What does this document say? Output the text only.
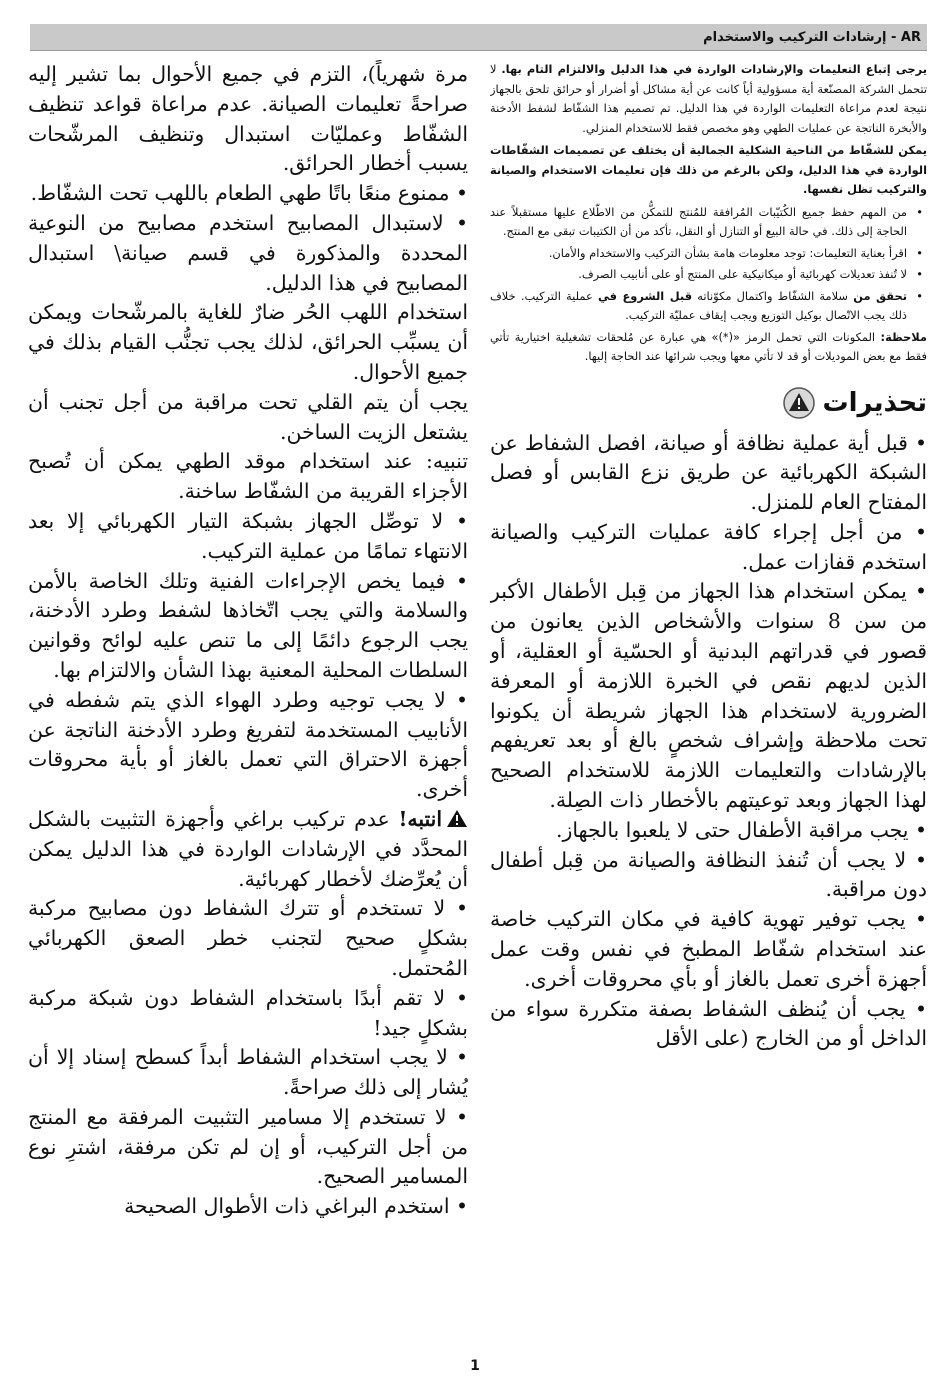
AR - إرشادات التركيب والاستخدام

يرجى إتباع التعليمات والإرشادات الواردة في هذا الدليل والالتزام التام بها. لا تتحمل الشركة المصنّعة أية مسؤولية أياً كانت عن أية مشاكل أو أضرار أو حرائق تلحق بالجهاز نتيجة لعدم مراعاة التعليمات الواردة في هذا الدليل. تم تصميم هذا الشفّاط لشفط الأدخنة والأبخرة الناتجة عن عمليات الطهي وهو مخصص فقط للاستخدام المنزلي.

يمكن للشفّاط من الناحية الشكلية الجمالية أن يختلف عن تصميمات الشفّاطات الواردة في هذا الدليل، ولكن بالرغم من ذلك فإن تعليمات الاستخدام والصيانة والتركيب تظل نفسها.

• من المهم حفظ جميع الكُتيّبات المُرافقة للمُنتج للتمكُّن من الاطّلاع عليها مستقبلاً عند الحاجة إلى ذلك. في حالة البيع أو التنازل أو النقل، تأكد من أن الكتيبات تبقى مع المنتج.
• اقرأ بعناية التعليمات: توجد معلومات هامة بشأن التركيب والاستخدام والأمان.
• لا تُنفذ تعديلات كهربائية أو ميكانيكية على المنتج أو على أنابيب الصرف.
• تحقق من سلامة الشفّاط واكتمال مكوّناته قبل الشروع في عملية التركيب. خلاف ذلك يجب الاتّصال بوكيل التوزيع ويجب إيقاف عمليّة التركيب.

ملاحظة: المكونات التي تحمل الرمز «(*)» هي عبارة عن مُلحقات تشغيلية اختيارية تأتي فقط مع بعض الموديلات أو قد لا تأتي معها ويجب شرائها عند الحاجة إليها.

تحذيرات

• قبل أية عملية نظافة أو صيانة، افصل الشفاط عن الشبكة الكهربائية عن طريق نزع القابس أو فصل المفتاح العام للمنزل.

• من أجل إجراء كافة عمليات التركيب والصيانة استخدم قفازات عمل.

• يمكن استخدام هذا الجهاز من قِبل الأطفال الأكبر من سن 8 سنوات والأشخاص الذين يعانون من قصور في قدراتهم البدنية أو الحسّية أو العقلية، أو الذين لديهم نقص في الخبرة اللازمة أو المعرفة الضرورية لاستخدام هذا الجهاز شريطة أن يكونوا تحت ملاحظة وإشراف شخصٍ بالغ أو بعد تعريفهم بالإرشادات والتعليمات اللازمة للاستخدام الصحيح لهذا الجهاز وبعد توعيتهم بالأخطار ذات الصِلة.

• يجب مراقبة الأطفال حتى لا يلعبوا بالجهاز.

• لا يجب أن تُنفذ النظافة والصيانة من قِبل أطفال دون مراقبة.

• يجب توفير تهوية كافية في مكان التركيب خاصة عند استخدام شفّاط المطبخ في نفس وقت عمل أجهزة أخرى تعمل بالغاز أو بأي محروقات أخرى.

• يجب أن يُنظف الشفاط بصفة متكررة سواء من الداخل أو من الخارج (على الأقل

مرة شهرياً)، التزم في جميع الأحوال بما تشير إليه صراحةً تعليمات الصيانة. عدم مراعاة قواعد تنظيف الشفّاط وعمليّات استبدال وتنظيف المرشّحات يسبب أخطار الحرائق.

• ممنوع منعًا باتًا طهي الطعام باللهب تحت الشفّاط.

• لاستبدال المصابيح استخدم مصابيح من النوعية المحددة والمذكورة في قسم صيانة\ استبدال المصابيح في هذا الدليل.

استخدام اللهب الحُر ضارٌ للغاية بالمرشّحات ويمكن أن يسبِّب الحرائق، لذلك يجب تجنُّب القيام بذلك في جميع الأحوال.

يجب أن يتم القلي تحت مراقبة من أجل تجنب أن يشتعل الزيت الساخن.

تنبيه: عند استخدام موقد الطهي يمكن أن تُصبح الأجزاء القريبة من الشفّاط ساخنة.

• لا توصِّل الجهاز بشبكة التيار الكهربائي إلا بعد الانتهاء تمامًا من عملية التركيب.

• فيما يخص الإجراءات الفنية وتلك الخاصة بالأمن والسلامة والتي يجب اتّخاذها لشفط وطرد الأدخنة، يجب الرجوع دائمًا إلى ما تنص عليه لوائح وقوانين السلطات المحلية المعنية بهذا الشأن والالتزام بها.

• لا يجب توجيه وطرد الهواء الذي يتم شفطه في الأنابيب المستخدمة لتفريغ وطرد الأدخنة الناتجة عن أجهزة الاحتراق التي تعمل بالغاز أو بأية محروقات أخرى.

انتبه! عدم تركيب براغي وأجهزة التثبيت بالشكل المحدَّد في الإرشادات الواردة في هذا الدليل يمكن أن يُعرِّضك لأخطار كهربائية.

• لا تستخدم أو تترك الشفاط دون مصابيح مركبة بشكلٍ صحيح لتجنب خطر الصعق الكهربائي المُحتمل.

• لا تقم أبدًا باستخدام الشفاط دون شبكة مركبة بشكلٍ جيد!

• لا يجب استخدام الشفاط أبداً كسطح إسناد إلا أن يُشار إلى ذلك صراحةً.

• لا تستخدم إلا مسامير التثبيت المرفقة مع المنتج من أجل التركيب، أو إن لم تكن مرفقة، اشترِ نوع المسامير الصحيح.

• استخدم البراغي ذات الأطوال الصحيحة

1
